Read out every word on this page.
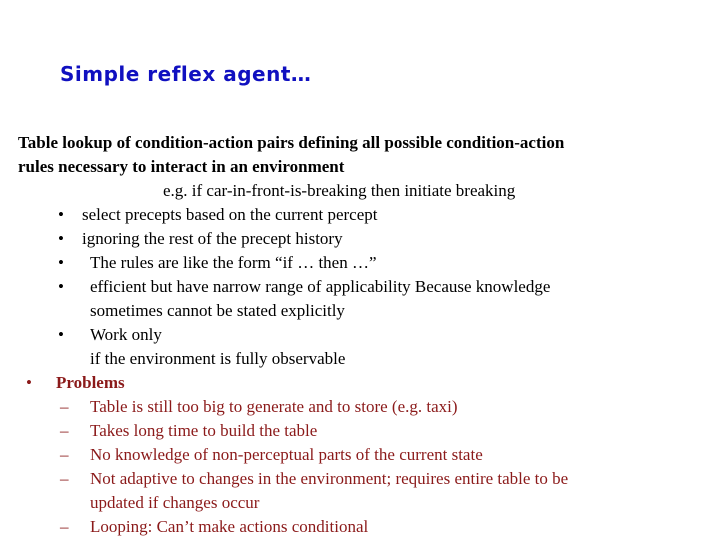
Simple reflex agent…
Table lookup of condition-action pairs defining all possible condition-action
rules necessary to interact in an environment
e.g. if car-in-front-is-breaking then initiate breaking
• select precepts based on the current percept
• ignoring the rest of the precept history
• The rules are like the form “if … then …”
• efficient but have narrow range of applicability Because knowledge
sometimes cannot be stated explicitly
• Work only
if the environment is fully observable
• Problems
– Table is still too big to generate and to store (e.g. taxi)
– Takes long time to build the table
– No knowledge of non-perceptual parts of the current state
– Not adaptive to changes in the environment; requires entire table to be
updated if changes occur
– Looping: Can’t make actions conditional
